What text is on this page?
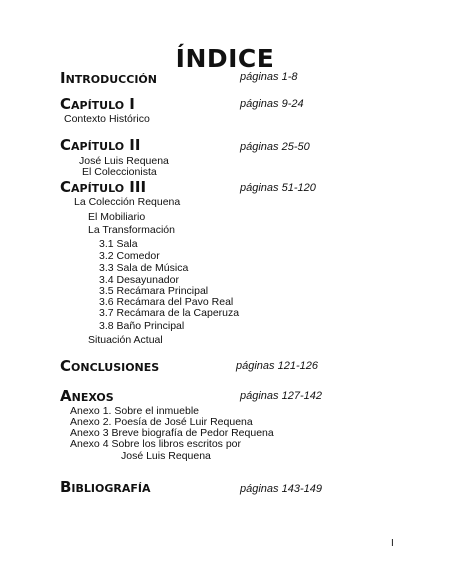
ÍNDICE
Introducción	páginas 1-8
Capítulo I	páginas 9-24
Contexto Histórico
Capítulo II	páginas 25-50
José Luis Requena
El Coleccionista
Capítulo III	páginas 51-120
La Colección Requena
El Mobiliario
La Transformación
3.1 Sala
3.2 Comedor
3.3 Sala de Música
3.4 Desayunador
3.5 Recámara Principal
3.6 Recámara del Pavo Real
3.7 Recámara de la Caperuza
3.8 Baño Principal
Situación Actual
Conclusiones	páginas 121-126
Anexos	páginas 127-142
Anexo 1. Sobre el inmueble
Anexo 2. Poesía de José Luir Requena
Anexo 3 Breve biografía de Pedor Requena
Anexo 4 Sobre los libros escritos por
José Luis Requena
Bibliografía	páginas 143-149
I
